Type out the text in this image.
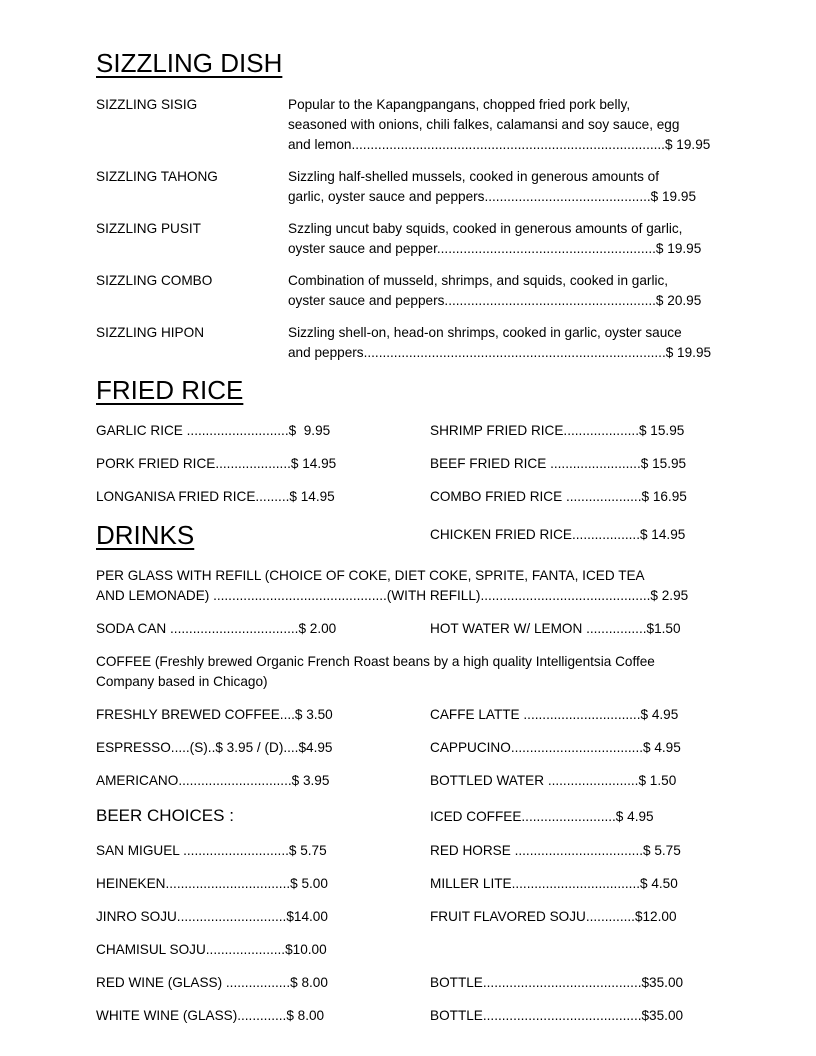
SIZZLING DISH
SIZZLING SISIG	Popular to the Kapangpangans, chopped fried pork belly,
seasoned with onions, chili falkes, calamansi and soy sauce, egg
and lemon...................................................................................$ 19.95
SIZZLING TAHONG	Sizzling half-shelled mussels, cooked in generous amounts of
garlic, oyster sauce and peppers............................................$ 19.95
SIZZLING PUSIT	Szzling uncut baby squids, cooked in generous amounts of garlic,
oyster sauce and pepper..........................................................$ 19.95
SIZZLING COMBO	Combination of musseld, shrimps, and squids, cooked in garlic,
oyster sauce and peppers........................................................$ 20.95
SIZZLING HIPON	Sizzling shell-on, head-on shrimps, cooked in garlic, oyster sauce
and peppers................................................................................$ 19.95
FRIED RICE
GARLIC RICE ...........................$  9.95	SHRIMP FRIED RICE....................$ 15.95
PORK FRIED RICE....................$ 14.95	BEEF FRIED RICE ........................$ 15.95
LONGANISA FRIED RICE.........$ 14.95	COMBO FRIED RICE ....................$ 16.95
DRINKS	CHICKEN FRIED RICE..................$ 14.95
PER GLASS WITH REFILL (CHOICE OF COKE, DIET COKE, SPRITE, FANTA, ICED TEA
AND LEMONADE) ..............................................(WITH REFILL).............................................$ 2.95
SODA CAN ..................................$ 2.00	HOT WATER W/ LEMON ................$1.50
COFFEE (Freshly brewed Organic French Roast beans by a high quality Intelligentsia Coffee
Company based in Chicago)
FRESHLY BREWED COFFEE....$ 3.50	CAFFE LATTE ...............................$ 4.95
ESPRESSO.....(S)..$ 3.95 / (D)....$4.95	CAPPUCINO...................................$ 4.95
AMERICANO..............................$ 3.95	BOTTLED WATER ........................$ 1.50
BEER CHOICES :	ICED COFFEE.........................$ 4.95
SAN MIGUEL ............................$ 5.75	RED HORSE ..................................$ 5.75
HEINEKEN.................................$ 5.00	MILLER LITE..................................$ 4.50
JINRO SOJU.............................$14.00	FRUIT FLAVORED SOJU.............$12.00
CHAMISUL SOJU.....................$10.00
RED WINE (GLASS) .................$ 8.00	BOTTLE..........................................$35.00
WHITE WINE (GLASS).............$ 8.00	BOTTLE..........................................$35.00
